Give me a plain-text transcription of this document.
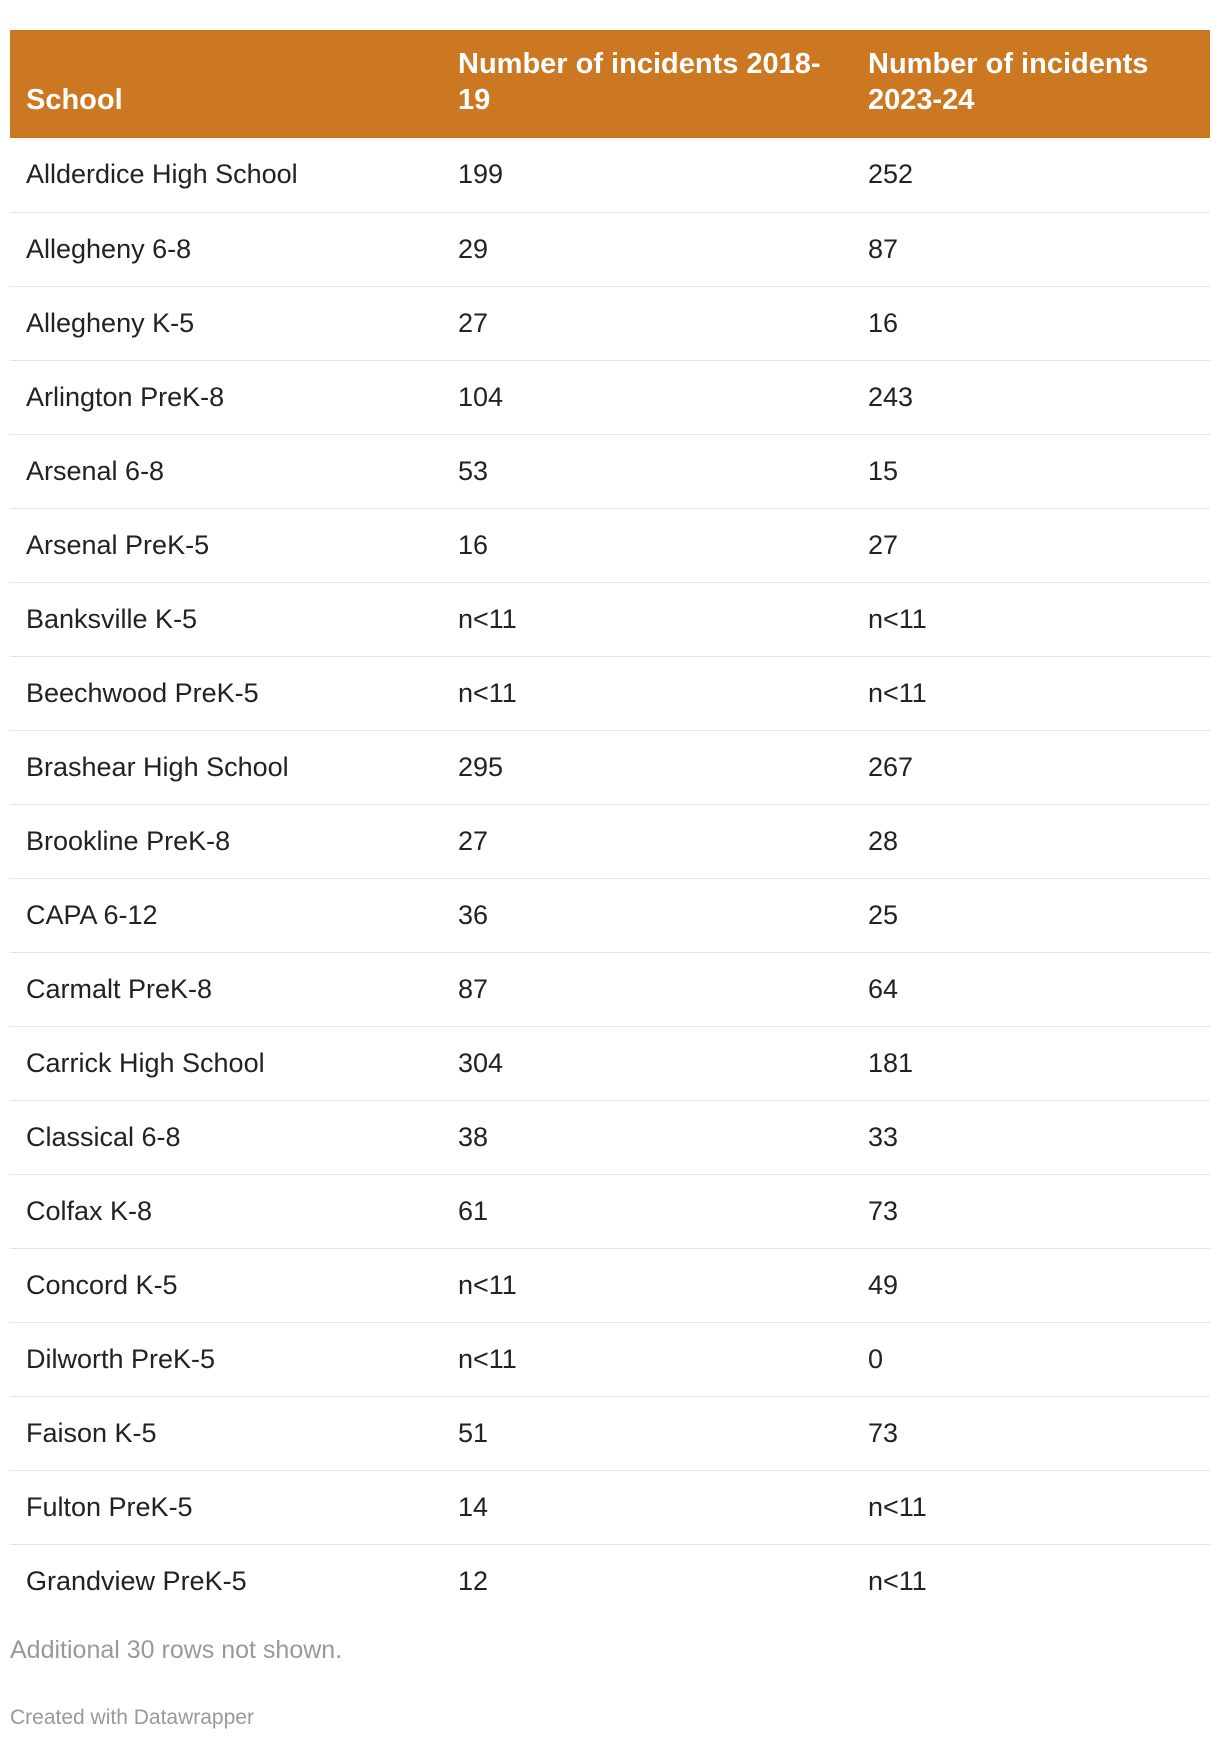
School	Number of incidents 2018-19	Number of incidents 2023-24
Allderdice High School	199	252
Allegheny 6-8	29	87
Allegheny K-5	27	16
Arlington PreK-8	104	243
Arsenal 6-8	53	15
Arsenal PreK-5	16	27
Banksville K-5	n<11	n<11
Beechwood PreK-5	n<11	n<11
Brashear High School	295	267
Brookline PreK-8	27	28
CAPA 6-12	36	25
Carmalt PreK-8	87	64
Carrick High School	304	181
Classical 6-8	38	33
Colfax K-8	61	73
Concord K-5	n<11	49
Dilworth PreK-5	n<11	0
Faison K-5	51	73
Fulton PreK-5	14	n<11
Grandview PreK-5	12	n<11
Additional 30 rows not shown.
Created with Datawrapper
